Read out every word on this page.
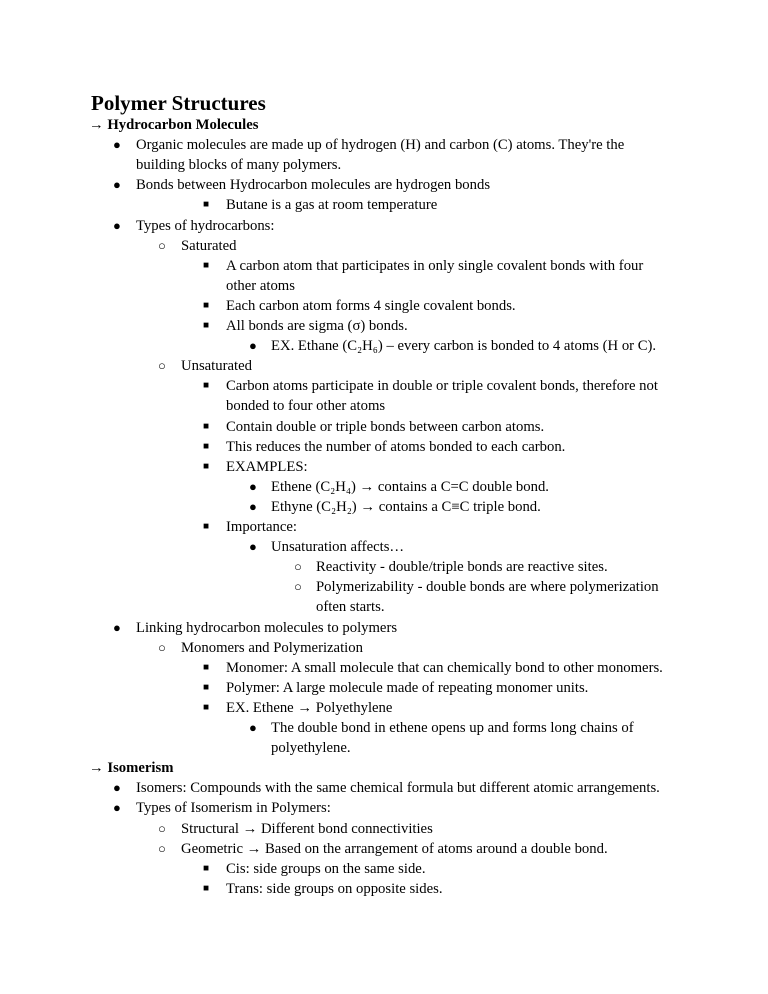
Polymer Structures
→ Hydrocarbon Molecules
● Organic molecules are made up of hydrogen (H) and carbon (C) atoms. They're the
building blocks of many polymers.
● Bonds between Hydrocarbon molecules are hydrogen bonds
■ Butane is a gas at room temperature
● Types of hydrocarbons:
○ Saturated
■ A carbon atom that participates in only single covalent bonds with four
other atoms
■ Each carbon atom forms 4 single covalent bonds.
■ All bonds are sigma (σ) bonds.
● EX. Ethane (C₂H₆) – every carbon is bonded to 4 atoms (H or C).
○ Unsaturated
■ Carbon atoms participate in double or triple covalent bonds, therefore not
bonded to four other atoms
■ Contain double or triple bonds between carbon atoms.
■ This reduces the number of atoms bonded to each carbon.
■ EXAMPLES:
● Ethene (C₂H₄) → contains a C=C double bond.
● Ethyne (C₂H₂) → contains a C≡C triple bond.
■ Importance:
● Unsaturation affects…
○ Reactivity - double/triple bonds are reactive sites.
○ Polymerizability - double bonds are where polymerization
often starts.
● Linking hydrocarbon molecules to polymers
○ Monomers and Polymerization
■ Monomer: A small molecule that can chemically bond to other monomers.
■ Polymer: A large molecule made of repeating monomer units.
■ EX. Ethene → Polyethylene
● The double bond in ethene opens up and forms long chains of
polyethylene.
→ Isomerism
● Isomers: Compounds with the same chemical formula but different atomic arrangements.
● Types of Isomerism in Polymers:
○ Structural → Different bond connectivities
○ Geometric → Based on the arrangement of atoms around a double bond.
■ Cis: side groups on the same side.
■ Trans: side groups on opposite sides.
